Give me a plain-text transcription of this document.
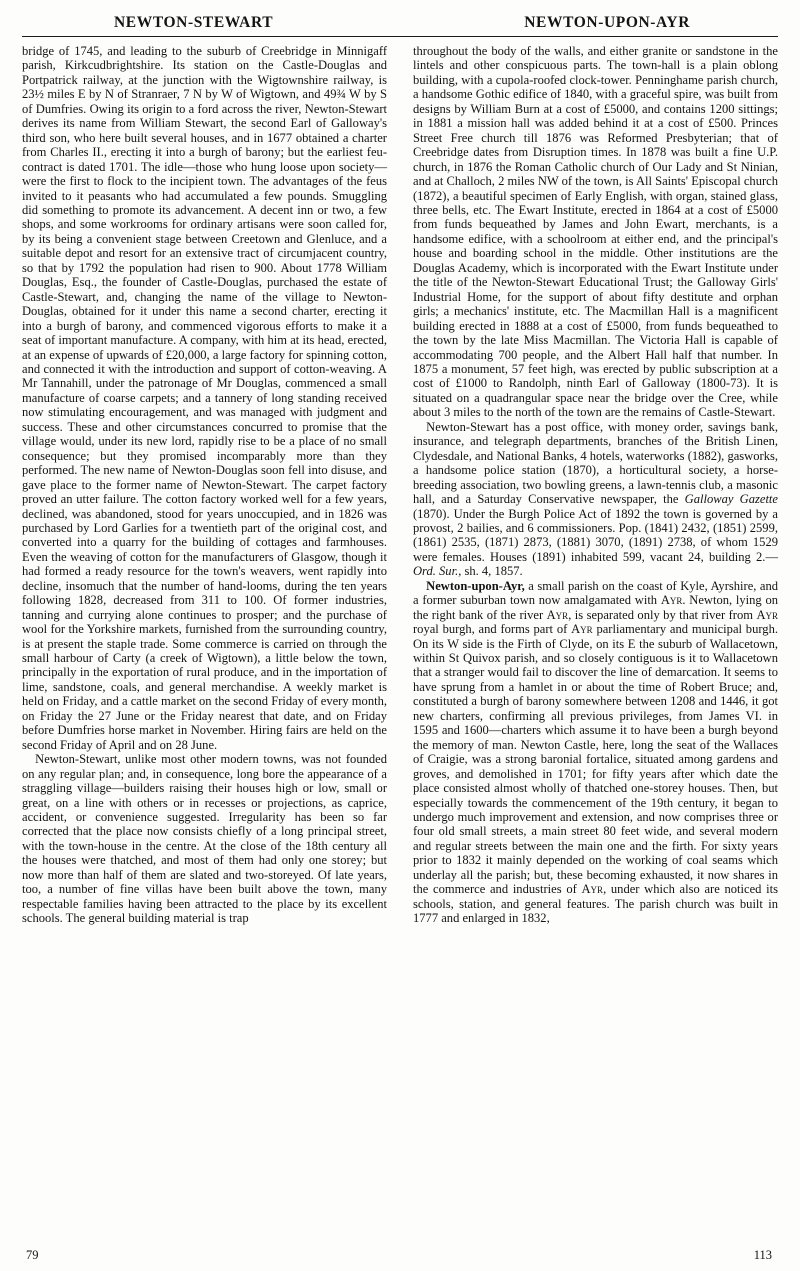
NEWTON-STEWART	NEWTON-UPON-AYR

bridge of 1745, and leading to the suburb of Creebridge in Minnigaff parish, Kirkcudbrightshire. Its station on the Castle-Douglas and Portpatrick railway, at the junction with the Wigtownshire railway, is 23½ miles E by N of Stranraer, 7 N by W of Wigtown, and 49¾ W by S of Dumfries. Owing its origin to a ford across the river, Newton-Stewart derives its name from William Stewart, the second Earl of Galloway's third son, who here built several houses, and in 1677 obtained a charter from Charles II., erecting it into a burgh of barony; but the earliest feu-contract is dated 1701. The idle—those who hung loose upon society—were the first to flock to the incipient town. The advantages of the feus invited to it peasants who had accumulated a few pounds. Smuggling did something to promote its advancement. A decent inn or two, a few shops, and some workrooms for ordinary artisans were soon called for, by its being a convenient stage between Creetown and Glenluce, and a suitable depot and resort for an extensive tract of circumjacent country, so that by 1792 the population had risen to 900. About 1778 William Douglas, Esq., the founder of Castle-Douglas, purchased the estate of Castle-Stewart, and, changing the name of the village to Newton-Douglas, obtained for it under this name a second charter, erecting it into a burgh of barony, and commenced vigorous efforts to make it a seat of important manufacture. A company, with him at its head, erected, at an expense of upwards of £20,000, a large factory for spinning cotton, and connected it with the introduction and support of cotton-weaving. A Mr Tannahill, under the patronage of Mr Douglas, commenced a small manufacture of coarse carpets; and a tannery of long standing received now stimulating encouragement, and was managed with judgment and success. These and other circumstances concurred to promise that the village would, under its new lord, rapidly rise to be a place of no small consequence; but they promised incomparably more than they performed. The new name of Newton-Douglas soon fell into disuse, and gave place to the former name of Newton-Stewart. The carpet factory proved an utter failure. The cotton factory worked well for a few years, declined, was abandoned, stood for years unoccupied, and in 1826 was purchased by Lord Garlies for a twentieth part of the original cost, and converted into a quarry for the building of cottages and farmhouses. Even the weaving of cotton for the manufacturers of Glasgow, though it had formed a ready resource for the town's weavers, went rapidly into decline, insomuch that the number of hand-looms, during the ten years following 1828, decreased from 311 to 100. Of former industries, tanning and currying alone continues to prosper; and the purchase of wool for the Yorkshire markets, furnished from the surrounding country, is at present the staple trade. Some commerce is carried on through the small harbour of Carty (a creek of Wigtown), a little below the town, principally in the exportation of rural produce, and in the importation of lime, sandstone, coals, and general merchandise. A weekly market is held on Friday, and a cattle market on the second Friday of every month, on Friday the 27 June or the Friday nearest that date, and on Friday before Dumfries horse market in November. Hiring fairs are held on the second Friday of April and on 28 June.

Newton-Stewart, unlike most other modern towns, was not founded on any regular plan; and, in consequence, long bore the appearance of a straggling village—builders raising their houses high or low, small or great, on a line with others or in recesses or projections, as caprice, accident, or convenience suggested. Irregularity has been so far corrected that the place now consists chiefly of a long principal street, with the town-house in the centre. At the close of the 18th century all the houses were thatched, and most of them had only one storey; but now more than half of them are slated and two-storeyed. Of late years, too, a number of fine villas have been built above the town, many respectable families having been attracted to the place by its excellent schools. The general building material is trap

throughout the body of the walls, and either granite or sandstone in the lintels and other conspicuous parts. The town-hall is a plain oblong building, with a cupola-roofed clock-tower. Penninghame parish church, a handsome Gothic edifice of 1840, with a graceful spire, was built from designs by William Burn at a cost of £5000, and contains 1200 sittings; in 1881 a mission hall was added behind it at a cost of £500. Princes Street Free church till 1876 was Reformed Presbyterian; that of Creebridge dates from Disruption times. In 1878 was built a fine U.P. church, in 1876 the Roman Catholic church of Our Lady and St Ninian, and at Challoch, 2 miles NW of the town, is All Saints' Episcopal church (1872), a beautiful specimen of Early English, with organ, stained glass, three bells, etc. The Ewart Institute, erected in 1864 at a cost of £5000 from funds bequeathed by James and John Ewart, merchants, is a handsome edifice, with a schoolroom at either end, and the principal's house and boarding school in the middle. Other institutions are the Douglas Academy, which is incorporated with the Ewart Institute under the title of the Newton-Stewart Educational Trust; the Galloway Girls' Industrial Home, for the support of about fifty destitute and orphan girls; a mechanics' institute, etc. The Macmillan Hall is a magnificent building erected in 1888 at a cost of £5000, from funds bequeathed to the town by the late Miss Macmillan. The Victoria Hall is capable of accommodating 700 people, and the Albert Hall half that number. In 1875 a monument, 57 feet high, was erected by public subscription at a cost of £1000 to Randolph, ninth Earl of Galloway (1800-73). It is situated on a quadrangular space near the bridge over the Cree, while about 3 miles to the north of the town are the remains of Castle-Stewart.

Newton-Stewart has a post office, with money order, savings bank, insurance, and telegraph departments, branches of the British Linen, Clydesdale, and National Banks, 4 hotels, waterworks (1882), gasworks, a handsome police station (1870), a horticultural society, a horse-breeding association, two bowling greens, a lawn-tennis club, a masonic hall, and a Saturday Conservative newspaper, the Galloway Gazette (1870). Under the Burgh Police Act of 1892 the town is governed by a provost, 2 bailies, and 6 commissioners. Pop. (1841) 2432, (1851) 2599, (1861) 2535, (1871) 2873, (1881) 3070, (1891) 2738, of whom 1529 were females. Houses (1891) inhabited 599, vacant 24, building 2.—Ord. Sur., sh. 4, 1857.

Newton-upon-Ayr, a small parish on the coast of Kyle, Ayrshire, and a former suburban town now amalgamated with Ayr. Newton, lying on the right bank of the river Ayr, is separated only by that river from Ayr royal burgh, and forms part of Ayr parliamentary and municipal burgh. On its W side is the Firth of Clyde, on its E the suburb of Wallacetown, within St Quivox parish, and so closely contiguous is it to Wallacetown that a stranger would fail to discover the line of demarcation. It seems to have sprung from a hamlet in or about the time of Robert Bruce; and, constituted a burgh of barony somewhere between 1208 and 1446, it got new charters, confirming all previous privileges, from James VI. in 1595 and 1600—charters which assume it to have been a burgh beyond the memory of man. Newton Castle, here, long the seat of the Wallaces of Craigie, was a strong baronial fortalice, situated among gardens and groves, and demolished in 1701; for fifty years after which date the place consisted almost wholly of thatched one-storey houses. Then, but especially towards the commencement of the 19th century, it began to undergo much improvement and extension, and now comprises three or four old small streets, a main street 80 feet wide, and several modern and regular streets between the main one and the firth. For sixty years prior to 1832 it mainly depended on the working of coal seams which underlay all the parish; but, these becoming exhausted, it now shares in the commerce and industries of Ayr, under which also are noticed its schools, station, and general features. The parish church was built in 1777 and enlarged in 1832,

79	113
